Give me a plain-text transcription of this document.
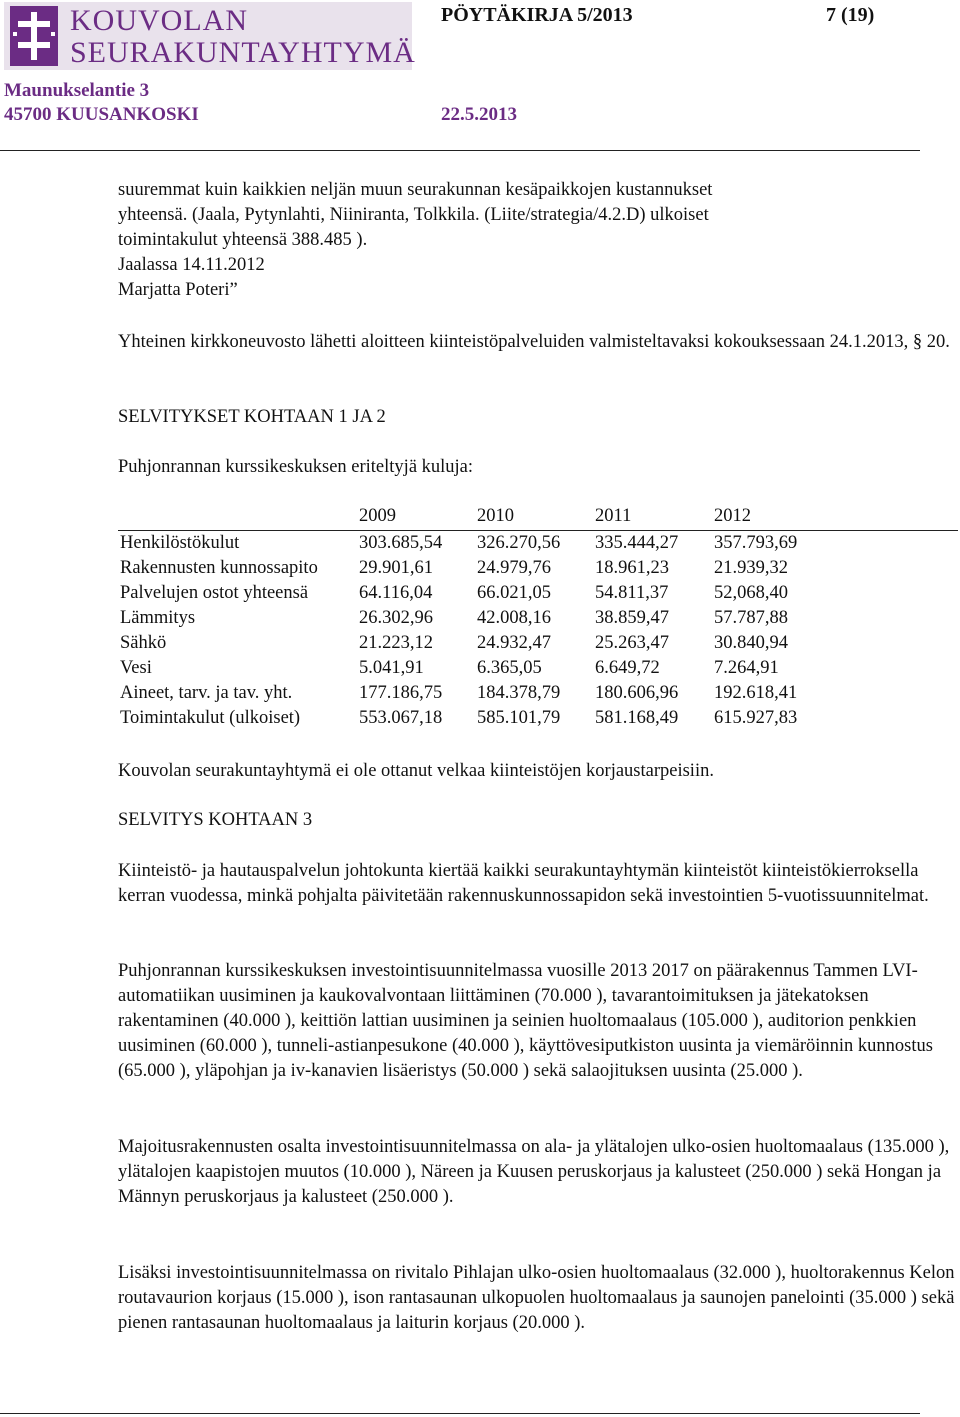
KOUVOLAN
SEURAKUNTAYHTYMÄ
PÖYTÄKIRJA 5/2013	7 (19)
Maunukselantie 3
45700 KUUSANKOSKI	22.5.2013
suuremmat kuin kaikkien neljän muun seurakunnan kesäpaikkojen kustannukset
yhteensä. (Jaala, Pytynlahti, Niiniranta, Tolkkila. (Liite/strategia/4.2.D) ulkoiset
toimintakulut yhteensä 388.485 ).
Jaalassa 14.11.2012
Marjatta Poteri”

Yhteinen kirkkoneuvosto lähetti aloitteen kiinteistöpalveluiden valmisteltavaksi kokouksessaan 24.1.2013, § 20.

SELVITYKSET KOHTAAN 1 JA 2

Puhjonrannan kurssikeskuksen eriteltyjä kuluja:

2009	2010	2011	2012
Henkilöstökulut	303.685,54 326.270,56 335.444,27 357.793,69
Rakennusten kunnossapito 29.901,61 24.979,76 18.961,23 21.939,32
Palvelujen ostot yhteensä	64.116,04 66.021,05 54.811,37 52,068,40
Lämmitys	26.302,96 42.008,16 38.859,47 57.787,88
Sähkö	21.223,12 24.932,47 25.263,47 30.840,94
Vesi	5.041,91	6.365,05	6.649,72	7.264,91
Aineet, tarv. ja tav. yht.	177.186,75 184.378,79 180.606,96 192.618,41
Toimintakulut (ulkoiset)	553.067,18 585.101,79 581.168,49 615.927,83

Kouvolan seurakuntayhtymä ei ole ottanut velkaa kiinteistöjen korjaustarpeisiin.

SELVITYS KOHTAAN 3

Kiinteistö- ja hautauspalvelun johtokunta kiertää kaikki seurakuntayhtymän kiinteistöt kiinteistökierroksella kerran vuodessa, minkä pohjalta päivitetään rakennuskunnossapidon sekä investointien 5-vuotissuunnitelmat.

Puhjonrannan kurssikeskuksen investointisuunnitelmassa vuosille 2013 2017 on päärakennus Tammen LVI-automatiikan uusiminen ja kaukovalvontaan liittäminen (70.000 ), tavarantoimituksen ja jätekatoksen rakentaminen (40.000 ), keittiön lattian uusiminen ja seinien huoltomaalaus (105.000 ), auditorion penkkien uusiminen (60.000 ), tunneli-astianpesukone (40.000 ), käyttövesiputkiston uusinta ja viemäröinnin kunnostus (65.000 ), yläpohjan ja iv-kanavien lisäeristys (50.000 ) sekä salaojituksen uusinta (25.000 ).

Majoitusrakennusten osalta investointisuunnitelmassa on ala- ja ylätalojen ulko-osien huoltomaalaus (135.000 ), ylätalojen kaapistojen muutos (10.000 ), Näreen ja Kuusen peruskorjaus ja kalusteet (250.000 ) sekä Hongan ja Männyn peruskorjaus ja kalusteet (250.000 ).

Lisäksi investointisuunnitelmassa on rivitalo Pihlajan ulko-osien huoltomaalaus (32.000 ), huoltorakennus Kelon routavaurion korjaus (15.000 ), ison rantasaunan ulkopuolen huoltomaalaus ja saunojen panelointi (35.000 ) sekä pienen rantasaunan huoltomaalaus ja laiturin korjaus (20.000 ).
